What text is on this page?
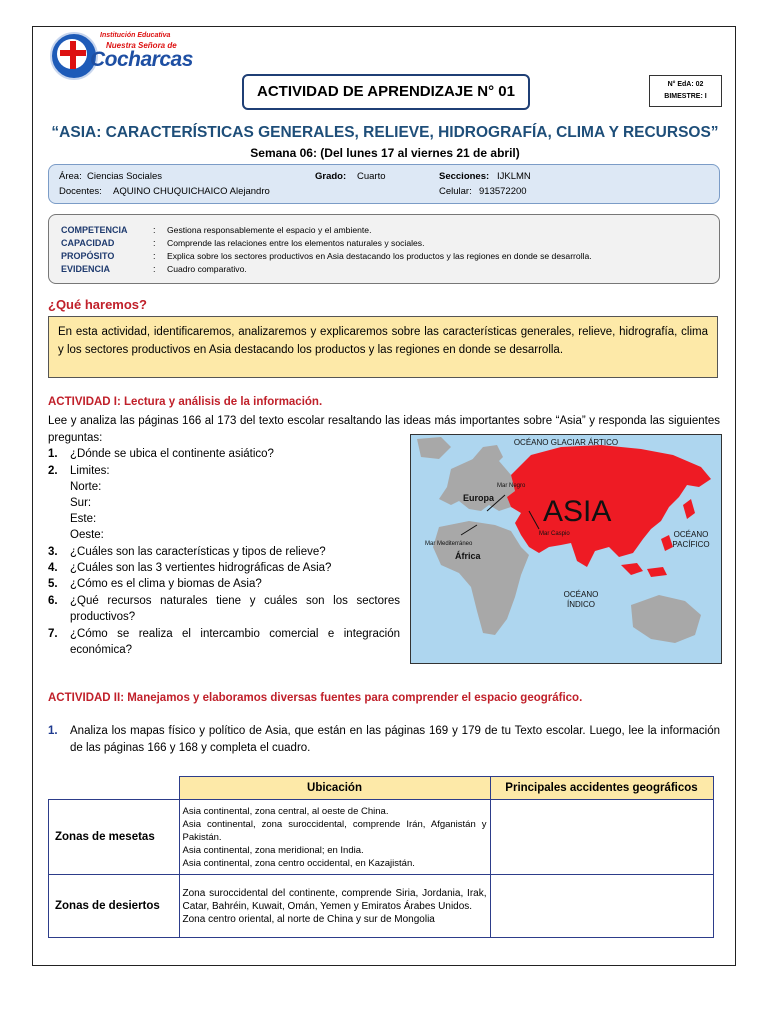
Institución Educativa
Nuestra Señora de
Cocharcas
ACTIVIDAD DE APRENDIZAJE N° 01	N° EdA: 02
BIMESTRE: I
“ASIA: CARACTERÍSTICAS GENERALES, RELIEVE, HIDROGRAFÍA, CLIMA Y RECURSOS”
Semana 06: (Del lunes 17 al viernes 21 de abril)
Área: Ciencias Sociales	Grado: Cuarto	Secciones: IJKLMN
Docentes: AQUINO CHUQUICHAICO Alejandro	Celular: 913572200
COMPETENCIA	: Gestiona responsablemente el espacio y el ambiente.
CAPACIDAD	: Comprende las relaciones entre los elementos naturales y sociales.
PROPÓSITO	: Explica sobre los sectores productivos en Asia destacando los productos y las regiones en donde se desarrolla.
EVIDENCIA	: Cuadro comparativo.
¿Qué haremos?
En esta actividad, identificaremos, analizaremos y explicaremos sobre las características generales, relieve, hidrografía, clima y los sectores productivos en Asia destacando los productos y las regiones en donde se desarrolla.
ACTIVIDAD I: Lectura y análisis de la información.
Lee y analiza las páginas 166 al 173 del texto escolar resaltando las ideas más importantes sobre “Asia” y responda las siguientes preguntas:
1. ¿Dónde se ubica el continente asiático?
2. Limites:
Norte:
Sur:
Este:
Oeste:
3. ¿Cuáles son las características y tipos de relieve?
4. ¿Cuáles son las 3 vertientes hidrográficas de Asia?
5. ¿Cómo es el clima y biomas de Asia?
6. ¿Qué recursos naturales tiene y cuáles son los sectores productivos?
7. ¿Cómo se realiza el intercambio comercial e integración económica?
OCÉANO GLACIAR ÁRTICO
ASIA
Europa
África
Mar Negro
Mar Mediterráneo
Mar Caspio	OCÉANO
PACÍFICO
OCÉANO
ÍNDICO
ACTIVIDAD II: Manejamos y elaboramos diversas fuentes para comprender el espacio geográfico.
1. Analiza los mapas físico y político de Asia, que están en las páginas 169 y 179 de tu Texto escolar. Luego, lee la información de las páginas 166 y 168 y completa el cuadro.
	Ubicación	Principales accidentes geográficos
Zonas de mesetas	Asia continental, zona central, al oeste de China.
Asia continental, zona suroccidental, comprende Irán, Afganistán y Pakistán.
Asia continental, zona meridional; en India.
Asia continental, zona centro occidental, en Kazajistán.	

Zonas de desiertos	Zona suroccidental del continente, comprende Siria, Jordania, Irak, Catar, Bahréin, Kuwait, Omán, Yemen y Emiratos Árabes Unidos.
Zona centro oriental, al norte de China y sur de Mongolia	
